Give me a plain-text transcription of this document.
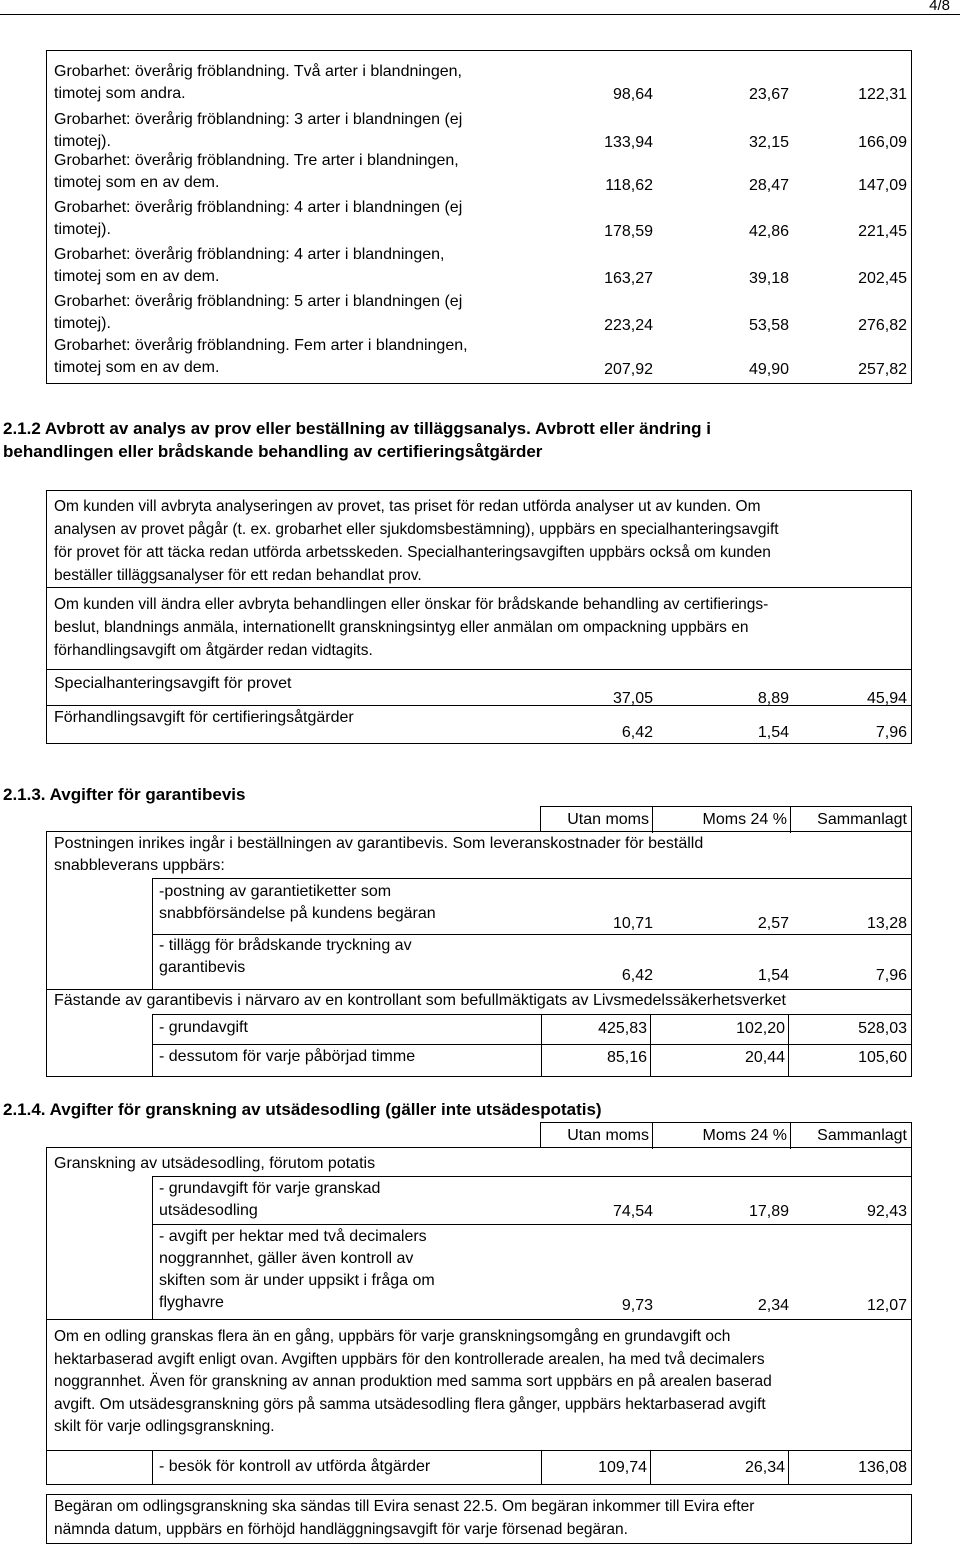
4/8
Grobarhet: överårig fröblandning. Två arter i blandningen,
timotej som andra.	98,64	23,67	122,31
Grobarhet: överårig fröblandning: 3 arter i blandningen (ej
timotej).	133,94	32,15	166,09
Grobarhet: överårig fröblandning. Tre arter i blandningen,
timotej som en av dem.	118,62	28,47	147,09
Grobarhet: överårig fröblandning: 4 arter i blandningen (ej
timotej).	178,59	42,86	221,45
Grobarhet: överårig fröblandning: 4 arter i blandningen,
timotej som en av dem.	163,27	39,18	202,45
Grobarhet: överårig fröblandning: 5 arter i blandningen (ej
timotej).	223,24	53,58	276,82
Grobarhet: överårig fröblandning. Fem arter i blandningen,
timotej som en av dem.	207,92	49,90	257,82
2.1.2 Avbrott av analys av prov eller beställning av tilläggsanalys. Avbrott eller ändring i
behandlingen eller brådskande behandling av certifieringsåtgärder
Om kunden vill avbryta analyseringen av provet, tas priset för redan utförda analyser ut av kunden. Om
analysen av provet pågår (t. ex. grobarhet eller sjukdomsbestämning), uppbärs en specialhanteringsavgift
för provet för att täcka redan utförda arbetsskeden. Specialhanteringsavgiften uppbärs också om kunden
beställer tilläggsanalyser för ett redan behandlat prov.
Om kunden vill ändra eller avbryta behandlingen eller önskar för brådskande behandling av certifierings-
beslut, blandnings anmäla, internationellt granskningsintyg eller anmälan om ompackning uppbärs en
förhandlingsavgift om åtgärder redan vidtagits.
Specialhanteringsavgift för provet
37,05	8,89	45,94
Förhandlingsavgift för certifieringsåtgärder
6,42	1,54	7,96
2.1.3. Avgifter för garantibevis
Utan moms	Moms 24 %	Sammanlagt
Postningen inrikes ingår i beställningen av garantibevis. Som leveranskostnader för beställd
snabbleverans uppbärs:
-postning av garantietiketter som
snabbförsändelse på kundens begäran
10,71	2,57	13,28
- tillägg för brådskande tryckning av
garantibevis	6,42	1,54	7,96
Fästande av garantibevis i närvaro av en kontrollant som befullmäktigats av Livsmedelssäkerhetsverket
- grundavgift	425,83	102,20	528,03
- dessutom för varje påbörjad timme	85,16	20,44	105,60
2.1.4. Avgifter för granskning av utsädesodling (gäller inte utsädespotatis)
Utan moms	Moms 24 %	Sammanlagt
Granskning av utsädesodling, förutom potatis
- grundavgift för varje granskad
utsädesodling	74,54	17,89	92,43
- avgift per hektar med två decimalers
noggrannhet, gäller även kontroll av
skiften som är under uppsikt i fråga om
flyghavre	9,73	2,34	12,07
Om en odling granskas flera än en gång, uppbärs för varje granskningsomgång en grundavgift och
hektarbaserad avgift enligt ovan. Avgiften uppbärs för den kontrollerade arealen, ha med två decimalers
noggrannhet. Även för granskning av annan produktion med samma sort uppbärs en på arealen baserad
avgift. Om utsädesgranskning görs på samma utsädesodling flera gånger, uppbärs hektarbaserad avgift
skilt för varje odlingsgranskning.
- besök för kontroll av utförda åtgärder	109,74	26,34	136,08
Begäran om odlingsgranskning ska sändas till Evira senast 22.5. Om begäran inkommer till Evira efter
nämnda datum, uppbärs en förhöjd handläggningsavgift för varje försenad begäran.
